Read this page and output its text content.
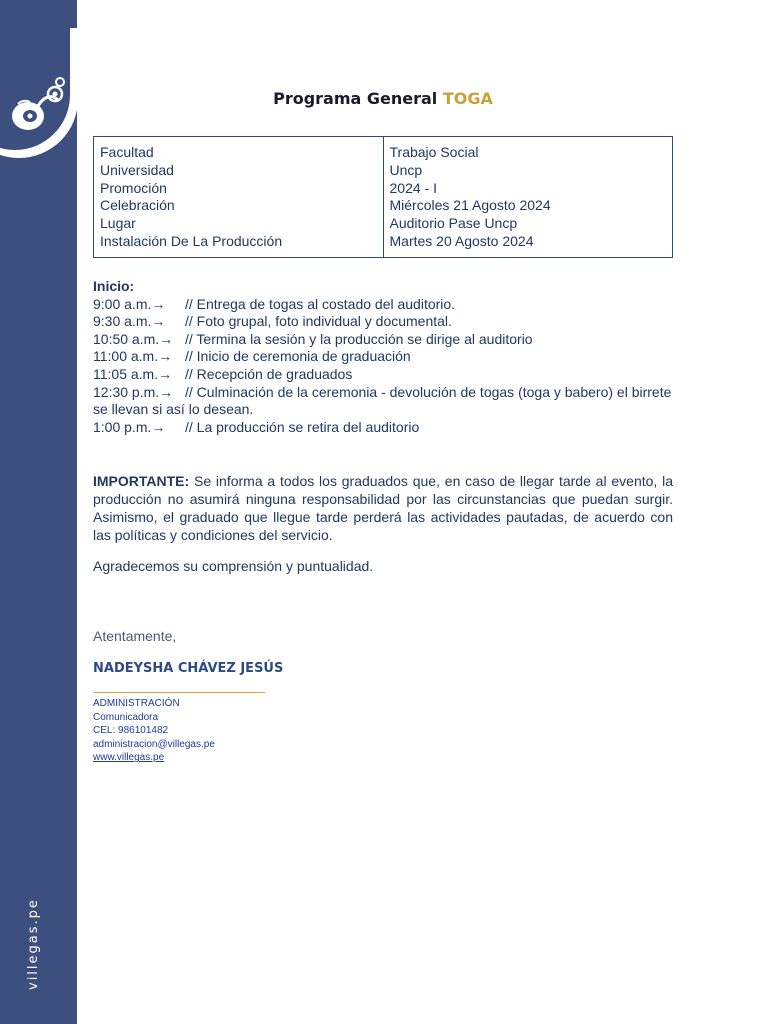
villegas.pe
Programa General TOGA
Facultad
Universidad
Promoción
Celebración
Lugar
Instalación De La Producción
Trabajo Social
Uncp
2024 - I
Miércoles 21 Agosto 2024
Auditorio Pase Uncp
Martes 20 Agosto 2024
Inicio:
9:00 a.m.→ // Entrega de togas al costado del auditorio.
9:30 a.m.→ // Foto grupal, foto individual y documental.
10:50 a.m.→ // Termina la sesión y la producción se dirige al auditorio
11:00 a.m.→ // Inicio de ceremonia de graduación
11:05 a.m.→ // Recepción de graduados
12:30 p.m.→ // Culminación de la ceremonia - devolución de togas (toga y babero) el birrete se llevan si así lo desean.
1:00 p.m.→ // La producción se retira del auditorio
IMPORTANTE: Se informa a todos los graduados que, en caso de llegar tarde al evento, la producción no asumirá ninguna responsabilidad por las circunstancias que puedan surgir. Asimismo, el graduado que llegue tarde perderá las actividades pautadas, de acuerdo con las políticas y condiciones del servicio.
Agradecemos su comprensión y puntualidad.
Atentamente,
NADEYSHA CHÁVEZ JESÚS
ADMINISTRACIÓN
Comunicadora
CEL: 986101482
administracion@villegas.pe
www.villegas.pe
